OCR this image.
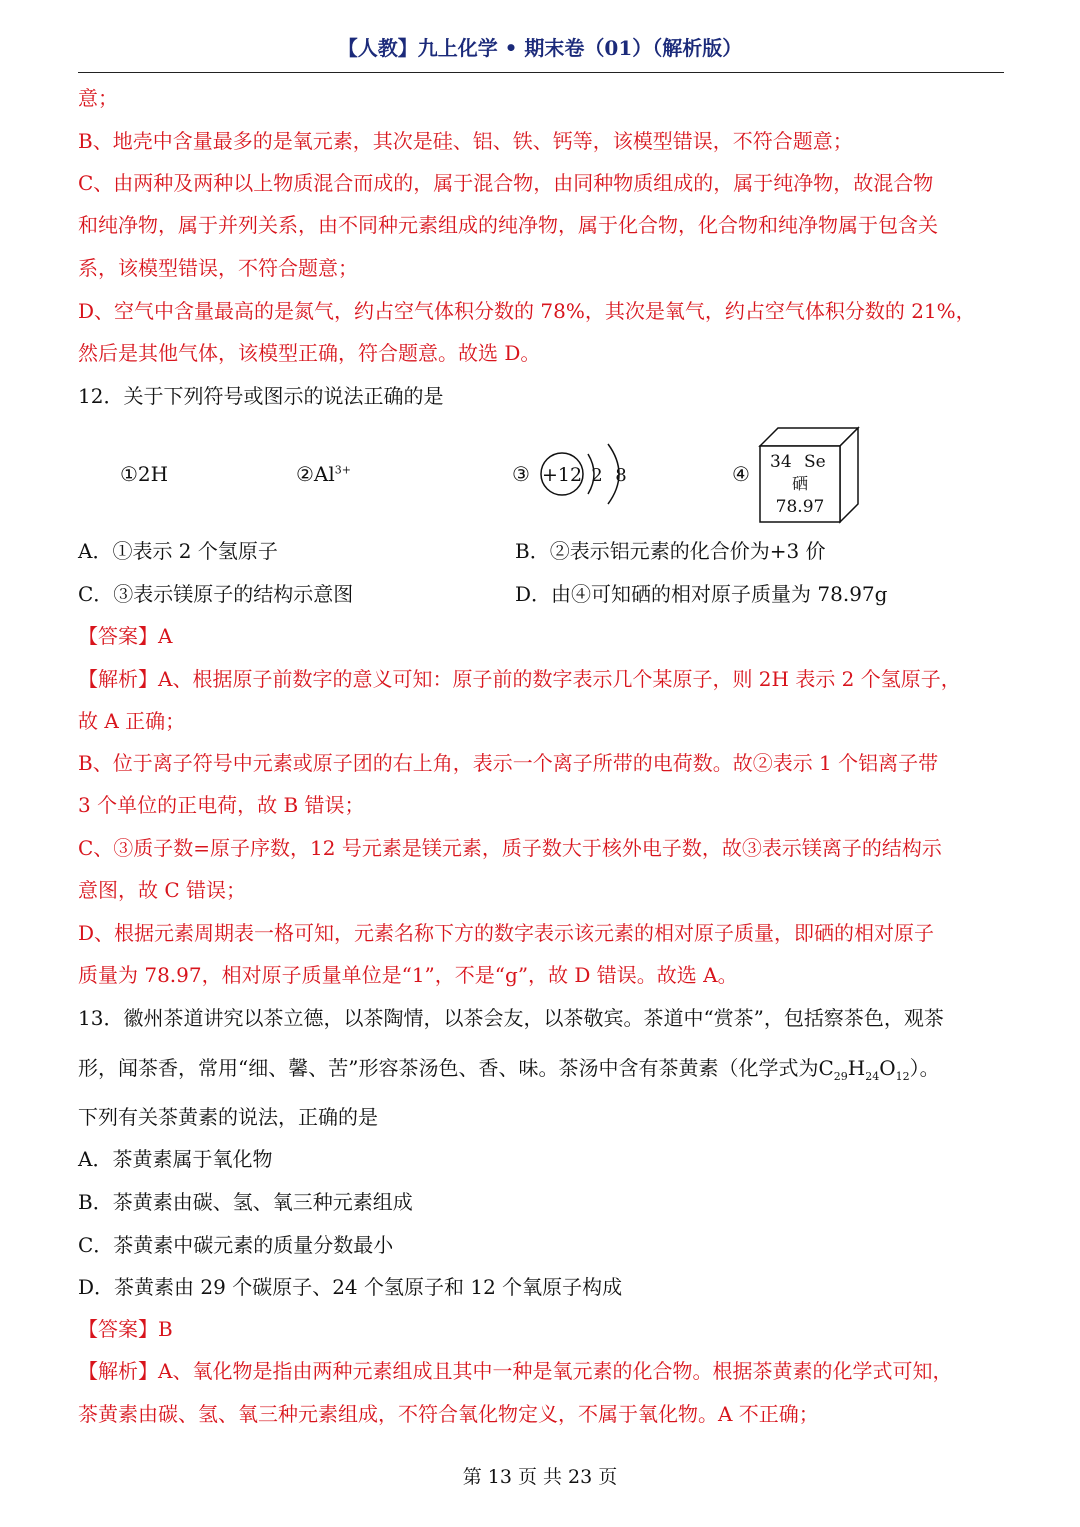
【人教】九上化学 • 期末卷（01）（解析版）
意；
B、地壳中含量最多的是氧元素，其次是硅、铝、铁、钙等，该模型错误，不符合题意；
C、由两种及两种以上物质混合而成的，属于混合物，由同种物质组成的，属于纯净物，故混合物
和纯净物，属于并列关系，由不同种元素组成的纯净物，属于化合物，化合物和纯净物属于包含关
系，该模型错误，不符合题意；
D、空气中含量最高的是氮气，约占空气体积分数的 78%，其次是氧气，约占空气体积分数的 21%，
然后是其他气体，该模型正确，符合题意。故选 D。
12．关于下列符号或图示的说法正确的是
①2H	$②Al^{3+}$	③ +12 2 8	④ 34 Se
硒
78.97
A．①表示 2 个氢原子	B．②表示铝元素的化合价为+3 价
C．③表示镁原子的结构示意图	D．由④可知硒的相对原子质量为 78.97g
【答案】A
【解析】A、根据原子前数字的意义可知：原子前的数字表示几个某原子，则 2H 表示 2 个氢原子，
故 A 正确；
B、位于离子符号中元素或原子团的右上角，表示一个离子所带的电荷数。故②表示 1 个铝离子带
3 个单位的正电荷，故 B 错误；
C、③质子数=原子序数，12 号元素是镁元素，质子数大于核外电子数，故③表示镁离子的结构示
意图，故 C 错误；
D、根据元素周期表一格可知，元素名称下方的数字表示该元素的相对原子质量，即硒的相对原子
质量为 78.97，相对原子质量单位是“1”，不是“g”，故 D 错误。故选 A。
13．徽州茶道讲究以茶立德，以茶陶情，以茶会友，以茶敬宾。茶道中“赏茶”，包括察茶色，观茶
形，闻茶香，常用“细、馨、苦”形容茶汤色、香、味。茶汤中含有茶黄素（化学式为$C_{29}H_{24}O_{12}$）。
下列有关茶黄素的说法，正确的是
A．茶黄素属于氧化物
B．茶黄素由碳、氢、氧三种元素组成
C．茶黄素中碳元素的质量分数最小
D．茶黄素由 29 个碳原子、24 个氢原子和 12 个氧原子构成
【答案】B
【解析】A、氧化物是指由两种元素组成且其中一种是氧元素的化合物。根据茶黄素的化学式可知，
茶黄素由碳、氢、氧三种元素组成，不符合氧化物定义，不属于氧化物。A 不正确；
第 13 页 共 23 页
